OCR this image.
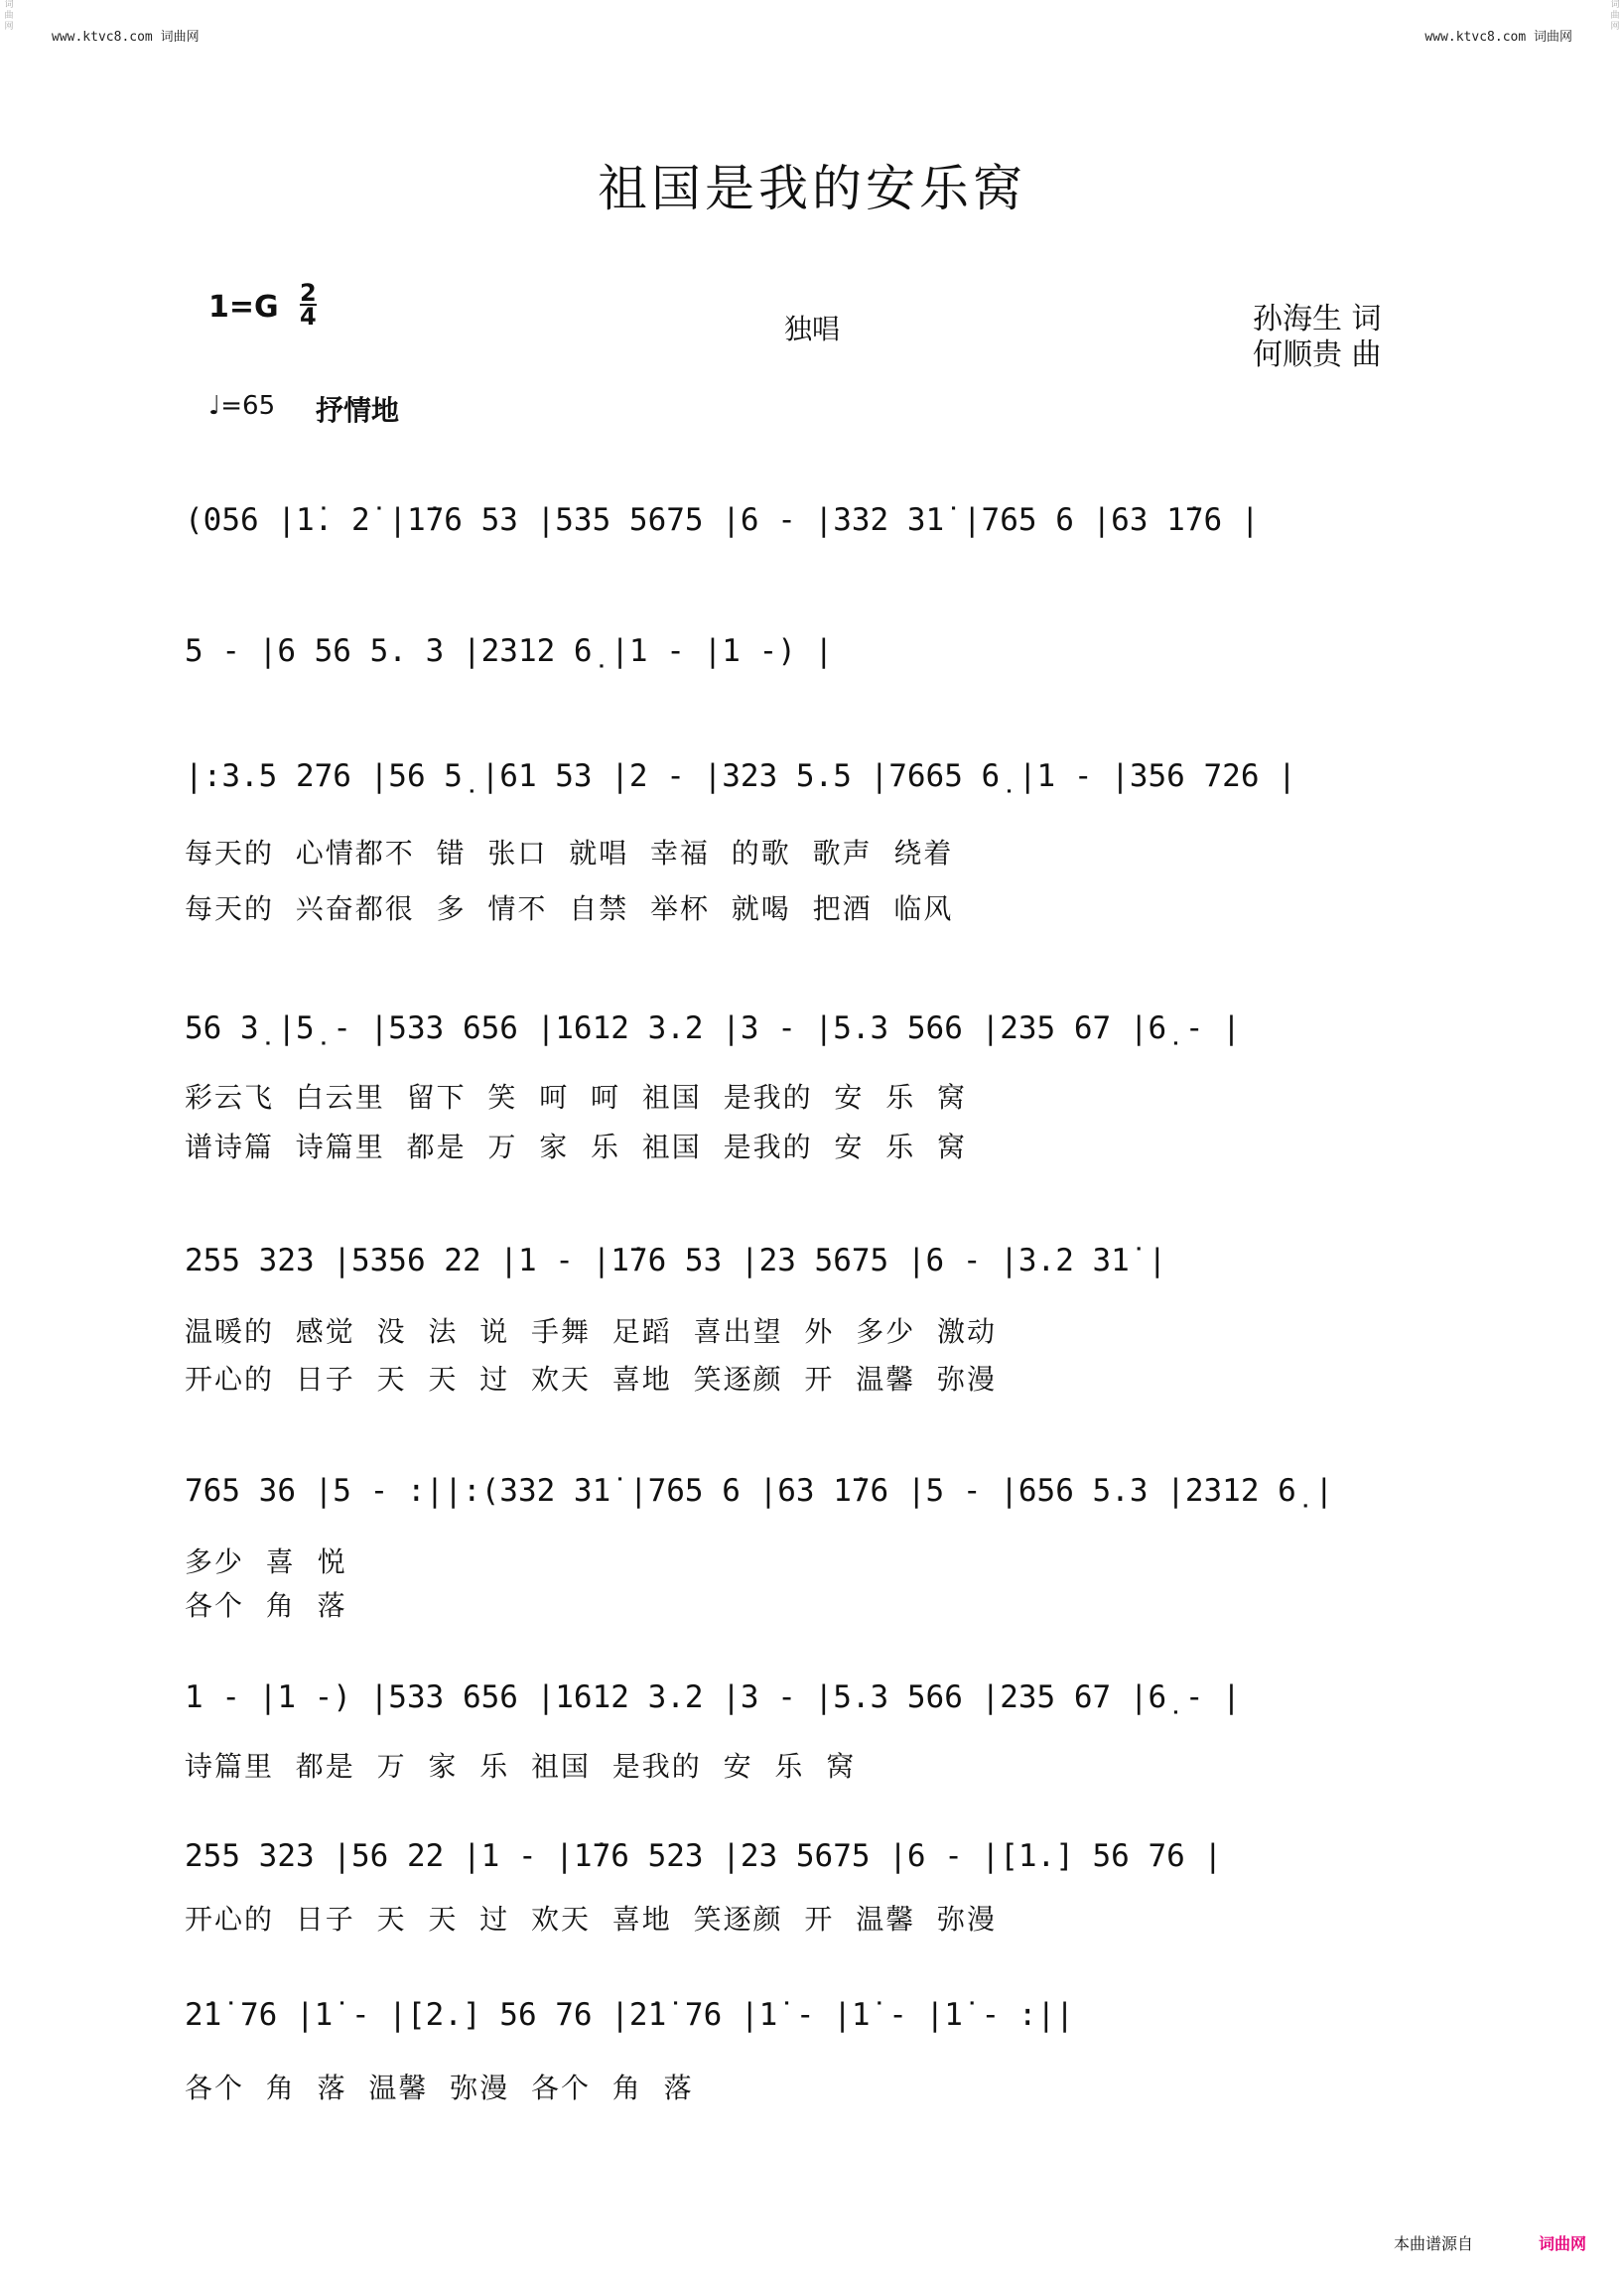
www.ktvc8.com 词曲网	www.ktvc8.com 词曲网
词曲网
词曲网
祖国是我的安乐窝
1=G 2
4	独唱	孙海生 词
何顺贵 曲
♩=65 抒情地
(056 |1̇. 2̇ |1̇76 53 |535 5675 |6 - |332 31̇ |765 6 |63 1̇76 |
5 - |6 56 5. 3 |2312 6̣ |1 - |1 -) |
|:3.5 276 |56 5̣ |61 53 |2 - |323 5.5 |7665 6̣ |1 - |356 726 |
每天的  心情都不  错  张口  就唱  幸福  的歌  歌声  绕着
每天的  兴奋都很  多  情不  自禁  举杯  就喝  把酒  临风
56 3̣ |5̣ - |533 656 |1612 3.2 |3 - |5.3 566 |235 67 |6̣ - |
彩云飞  白云里  留下  笑  呵  呵  祖国  是我的  安  乐  窝
谱诗篇  诗篇里  都是  万  家  乐  祖国  是我的  安  乐  窝
255 323 |5356 22 |1 - |1̇76 53 |23 5675 |6 - |3.2 31̇ |
温暖的  感觉  没  法  说  手舞  足蹈  喜出望  外  多少  激动
开心的  日子  天  天  过  欢天  喜地  笑逐颜  开  温馨  弥漫
765 36 |5 - :||:(332 31̇ |765 6 |63 1̇76 |5 - |656 5.3 |2312 6̣ |
多少  喜  悦
各个  角  落
1 - |1 -) |533 656 |1612 3.2 |3 - |5.3 566 |235 67 |6̣ - |
诗篇里  都是  万  家  乐  祖国  是我的  安  乐  窝
255 323 |56 22 |1 - |1̇76 523 |23 5675 |6 - |[1.] 56 76 |
开心的  日子  天  天  过  欢天  喜地  笑逐颜  开  温馨  弥漫
2̇1̇ 76 |1̇ - |[2.] 56 76 |2̇1̇ 76 |1̇ - |1̇ - |1̇ - :||
各个  角  落  温馨  弥漫  各个  角  落
本曲谱源自	词曲网
